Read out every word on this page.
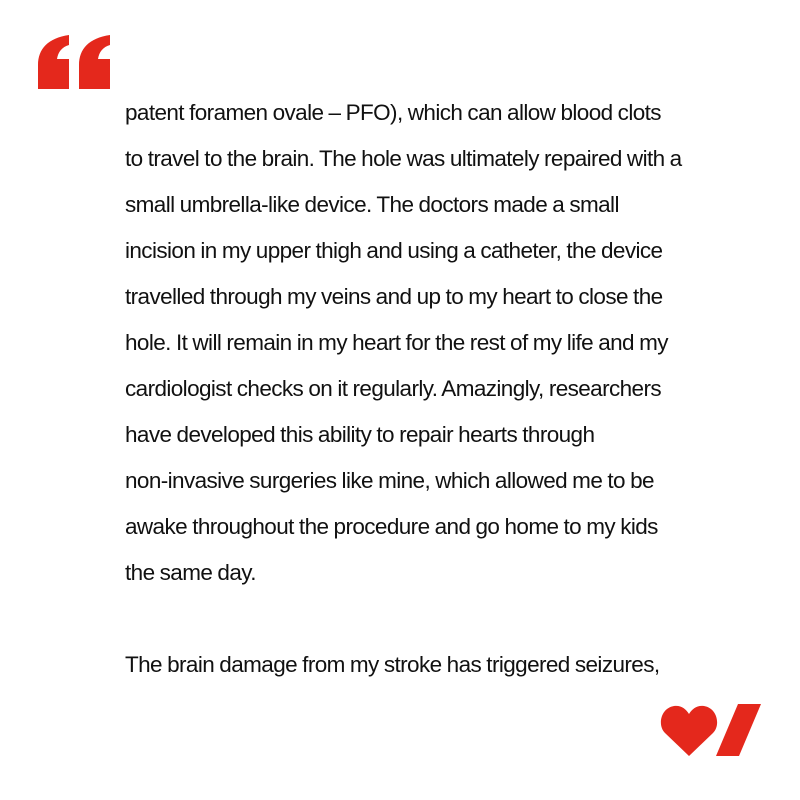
patent foramen ovale – PFO), which can allow blood clots
to travel to the brain. The hole was ultimately repaired with a
small umbrella-like device. The doctors made a small
incision in my upper thigh and using a catheter, the device
travelled through my veins and up to my heart to close the
hole. It will remain in my heart for the rest of my life and my
cardiologist checks on it regularly. Amazingly, researchers
have developed this ability to repair hearts through
non-invasive surgeries like mine, which allowed me to be
awake throughout the procedure and go home to my kids
the same day.
The brain damage from my stroke has triggered seizures,
